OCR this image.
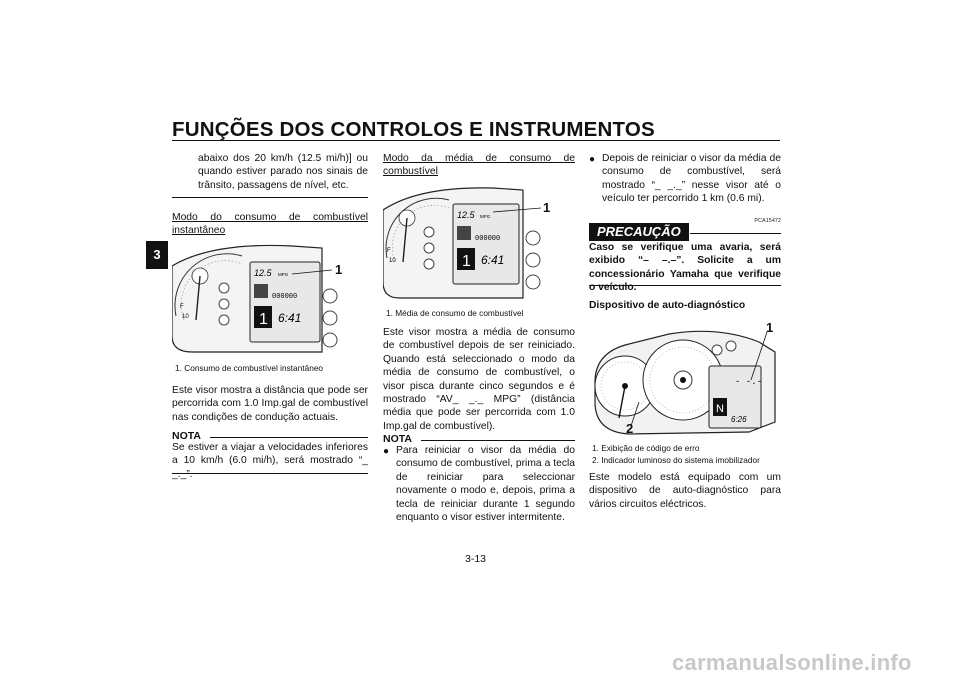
FUNÇÕES DOS CONTROLOS E INSTRUMENTOS
3

abaixo dos 20 km/h (12.5 mi/h)] ou quando estiver parado nos sinais de trânsito, passagens de nível, etc.

Modo do consumo de combustível instantâneo

F
10
12.5 MPG
000000
1 6:41
1
1. Consumo de combustível instantâneo

Este visor mostra a distância que pode ser percorrida com 1.0 Imp.gal de combustível nas condições de condução actuais.

NOTA

Se estiver a viajar a velocidades inferiores a 10 km/h (6.0 mi/h), será mostrado “_ _._”.

Modo da média de consumo de combustível

F
10
12.5 MPG
000000
1 6:41
1
1. Média de consumo de combustível

Este visor mostra a média de consumo de combustível depois de ser reiniciado. Quando está seleccionado o modo da média de consumo de combustível, o visor pisca durante cinco segundos e é mostrado “AV_ _._ MPG” (distância média que pode ser percorrida com 1.0 Imp.gal de combustível).

NOTA
● Para reiniciar o visor da média do consumo de combustível, prima a tecla de reiniciar para seleccionar novamente o modo e, depois, prima a tecla de reiniciar durante 1 segundo enquanto o visor estiver intermitente.
● Depois de reiniciar o visor da média de consumo de combustível, será mostrado “_ _._” nesse visor até o veículo ter percorrido 1 km (0.6 mi).
PCA15472
PRECAUÇÃO

Caso se verifique uma avaria, será exibido “– –.–”. Solicite a um concessionário Yamaha que verifique o veículo.

Dispositivo de auto-diagnóstico
- -.-
N
6:26
1
2
1. Exibição de código de erro
2. Indicador luminoso do sistema imobilizador

Este modelo está equipado com um dispositivo de auto-diagnóstico para vários circuitos eléctricos.

3-13
carmanualsonline.info
